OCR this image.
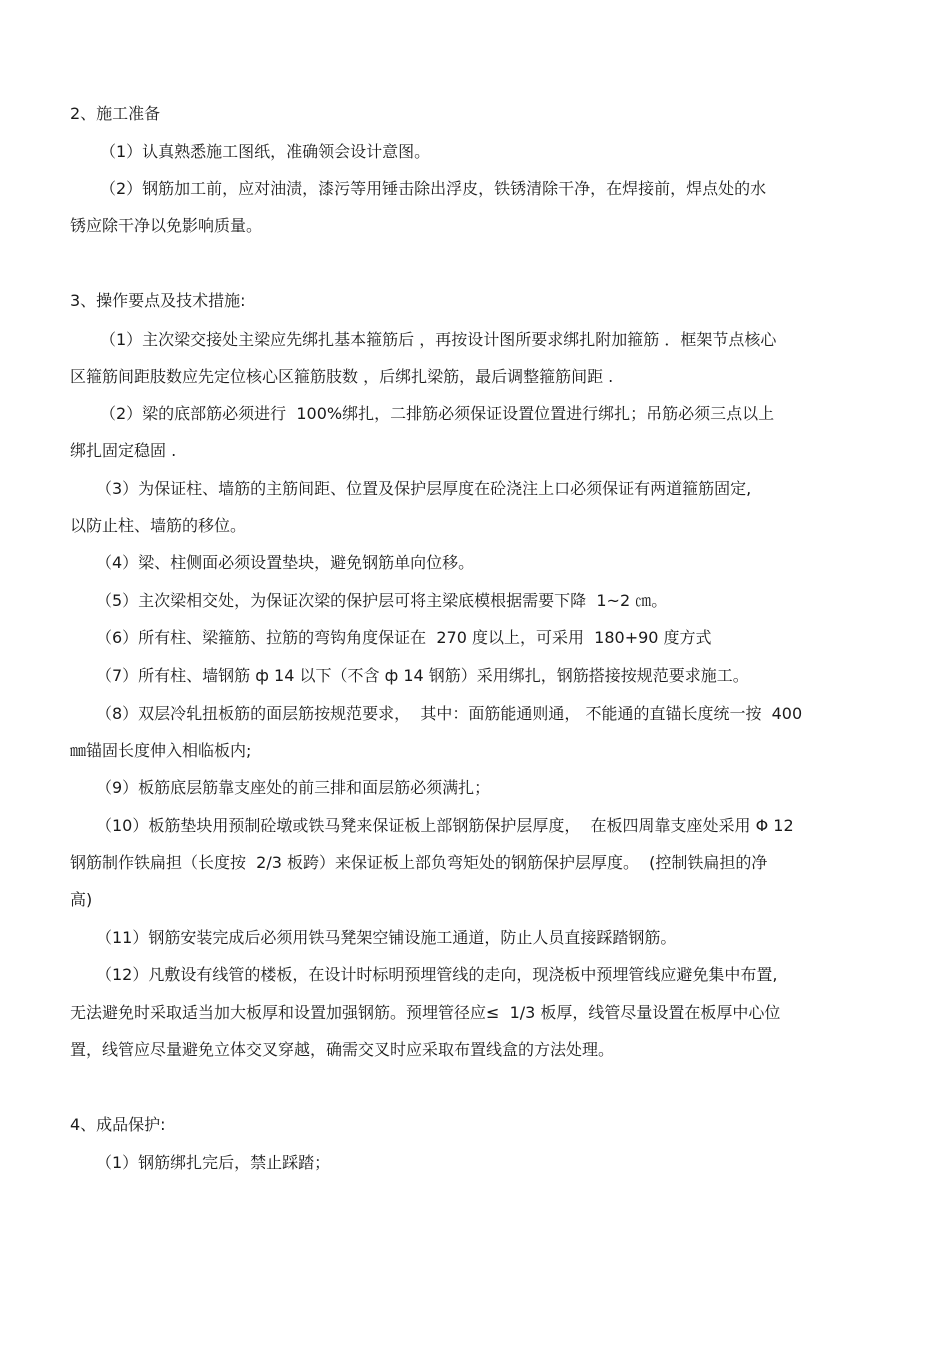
2、施工准备

（1）认真熟悉施工图纸，准确领会设计意图。

（2）钢筋加工前，应对油渍，漆污等用锤击除出浮皮，铁锈清除干净，在焊接前，焊点处的水

锈应除干净以免影响质量。

3、操作要点及技术措施:

（1）主次梁交接处主梁应先绑扎基本箍筋后 ，再按设计图所要求绑扎附加箍筋 ．框架节点核心

区箍筋间距肢数应先定位核心区箍筋肢数 ，后绑扎梁筋，最后调整箍筋间距 .

（2）梁的底部筋必须进行  100%绑扎，二排筋必须保证设置位置进行绑扎；吊筋必须三点以上

绑扎固定稳固 .

（3）为保证柱、墙筋的主筋间距、位置及保护层厚度在砼浇注上口必须保证有两道箍筋固定,

以防止柱、墙筋的移位。

（4）梁、柱侧面必须设置垫块，避免钢筋单向位移。

（5）主次梁相交处，为保证次梁的保护层可将主梁底模根据需要下降  1~2 ㎝。

（6）所有柱、梁箍筋、拉筋的弯钩角度保证在  270 度以上，可采用  180+90 度方式

（7）所有柱、墙钢筋 ф 14 以下（不含 ф 14 钢筋）采用绑扎，钢筋搭接按规范要求施工。

（8）双层冷轧扭板筋的面层筋按规范要求，  其中：面筋能通则通， 不能通的直锚长度统一按  400

㎜锚固长度伸入相临板内;

（9）板筋底层筋靠支座处的前三排和面层筋必须满扎；

（10）板筋垫块用预制砼墩或铁马凳来保证板上部钢筋保护层厚度，  在板四周靠支座处采用 Φ 12

钢筋制作铁扁担（长度按  2/3 板跨）来保证板上部负弯矩处的钢筋保护层厚度。  (控制铁扁担的净

高)

（11）钢筋安装完成后必须用铁马凳架空铺设施工通道，防止人员直接踩踏钢筋。

（12）凡敷设有线管的楼板，在设计时标明预埋管线的走向，现浇板中预埋管线应避免集中布置,

无法避免时采取适当加大板厚和设置加强钢筋。预埋管径应≤  1/3 板厚，线管尽量设置在板厚中心位

置，线管应尽量避免立体交叉穿越，确需交叉时应采取布置线盒的方法处理。

4、成品保护:

（1）钢筋绑扎完后，禁止踩踏；
